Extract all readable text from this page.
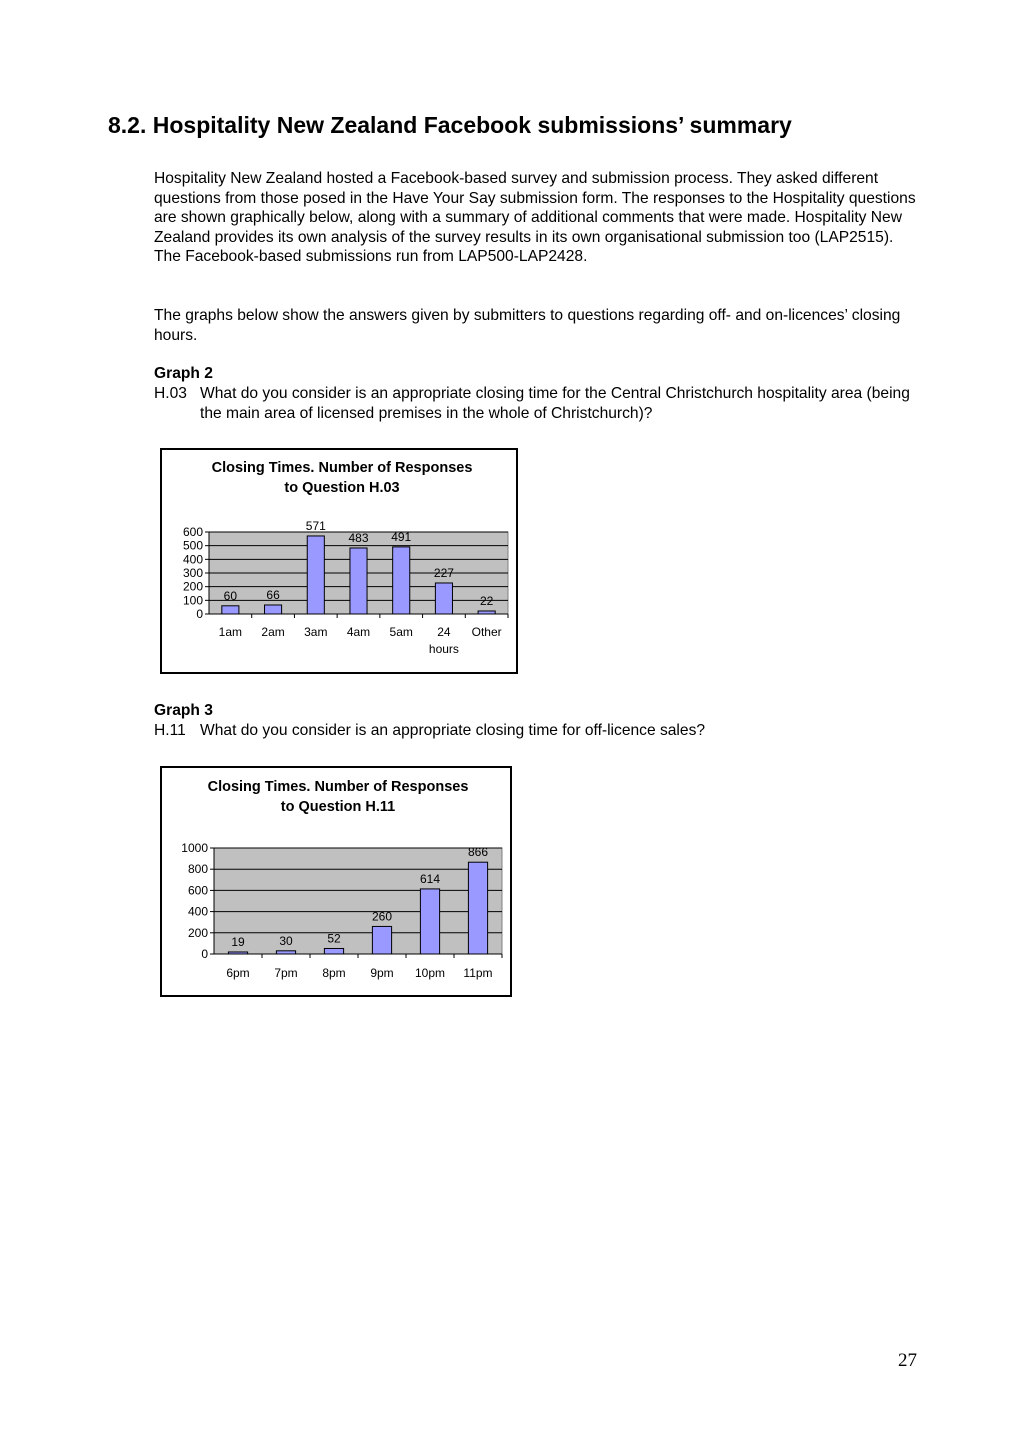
8.2. Hospitality New Zealand Facebook submissions’ summary

Hospitality New Zealand hosted a Facebook-based survey and submission process. They asked different questions from those posed in the Have Your Say submission form. The responses to the Hospitality questions are shown graphically below, along with a summary of additional comments that were made. Hospitality New Zealand provides its own analysis of the survey results in its own organisational submission too (LAP2515). The Facebook-based submissions run from LAP500-LAP2428.

The graphs below show the answers given by submitters to questions regarding off- and on-licences’ closing hours.

Graph 2

H.03 What do you consider is an appropriate closing time for the Central Christchurch hospitality area (being the main area of licensed premises in the whole of Christchurch)?
Closing Times. Number of Responses
to Question H.03
0
100
200
300
400
500
600
60
1am
66
2am
571
3am
483
4am
491
5am
227
24
hours
22
Other

Graph 3

H.11 What do you consider is an appropriate closing time for off-licence sales?
Closing Times. Number of Responses
to Question H.11
0
200
400
600
800
1000
19
6pm
30
7pm
52
8pm
260
9pm
614
10pm
866
11pm
27
